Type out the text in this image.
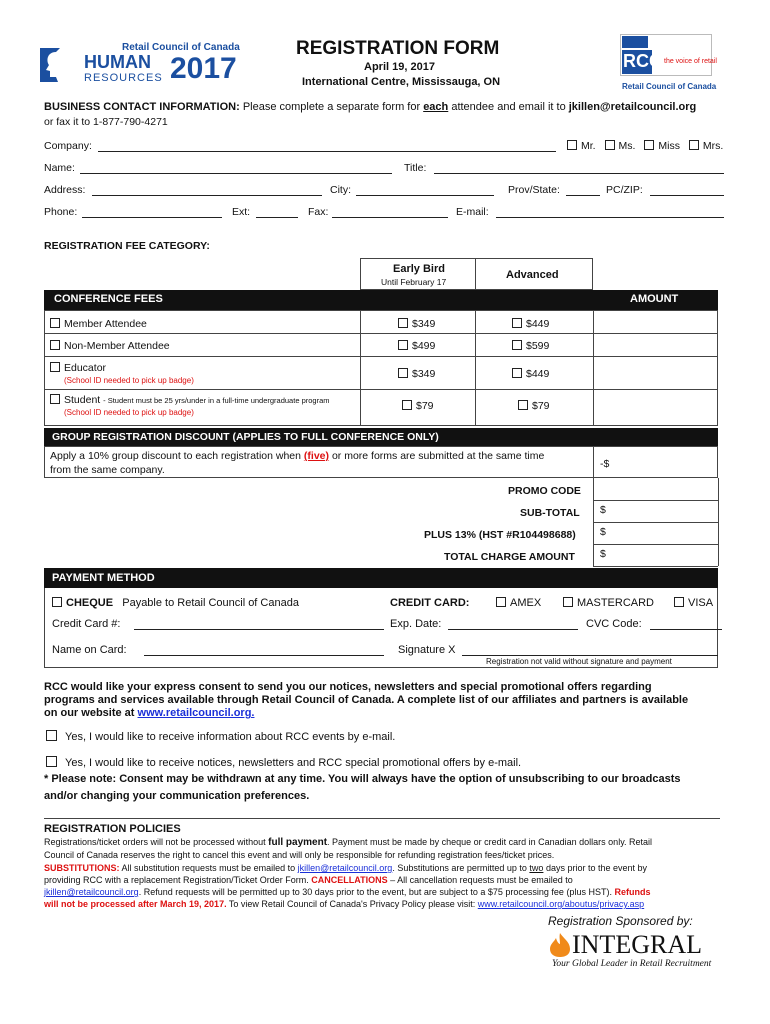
Retail Council of Canada
HUMAN
RESOURCES 2017
REGISTRATION FORM
April 19, 2017
International Centre, Mississauga, ON
RCC the voice of retail
Retail Council of Canada
BUSINESS CONTACT INFORMATION: Please complete a separate form for each attendee and email it to jkillen@retailcouncil.org
or fax it to 1-877-790-4271
Company:	Mr. Ms. Miss Mrs.
Name:	Title:
Address:	City:	Prov/State:	PC/ZIP:
Phone:	Ext:	Fax:	E-mail:
REGISTRATION FEE CATEGORY:
Early Bird
Until February 17
Advanced
CONFERENCE FEES	AMOUNT
Member Attendee	$349	$449
Non-Member Attendee	$499	$599
Educator
(School ID needed to pick up badge)
$349	$449
Student - Student must be 25 yrs/under in a full-time undergraduate program
(School ID needed to pick up badge)
$79	$79
GROUP REGISTRATION DISCOUNT (APPLIES TO FULL CONFERENCE ONLY)
Apply a 10% group discount to each registration when (five) or more forms are submitted at the same time
from the same company.	-$
PROMO CODE
SUB-TOTAL $
PLUS 13% (HST #R104498688) $
TOTAL CHARGE AMOUNT $
PAYMENT METHOD
CHEQUE Payable to Retail Council of Canada	CREDIT CARD:	AMEX	MASTERCARD	VISA
Credit Card #:	Exp. Date:	CVC Code:
Name on Card:	Signature X
Registration not valid without signature and payment
RCC would like your express consent to send you our notices, newsletters and special promotional offers regarding
programs and services available through Retail Council of Canada. A complete list of our affiliates and partners is available
on our website at www.retailcouncil.org.
Yes, I would like to receive information about RCC events by e-mail.
Yes, I would like to receive notices, newsletters and RCC special promotional offers by e-mail.
* Please note: Consent may be withdrawn at any time. You will always have the option of unsubscribing to our broadcasts
and/or changing your communication preferences.
REGISTRATION POLICIES
Registrations/ticket orders will not be processed without full payment. Payment must be made by cheque or credit card in Canadian dollars only. Retail
Council of Canada reserves the right to cancel this event and will only be responsible for refunding registration fees/ticket prices.
SUBSTITUTIONS: All substitution requests must be emailed to jkillen@retailcouncil.org. Substitutions are permitted up to two days prior to the event by
providing RCC with a replacement Registration/Ticket Order Form. CANCELLATIONS – All cancellation requests must be emailed to
jkillen@retailcouncil.org. Refund requests will be permitted up to 30 days prior to the event, but are subject to a $75 processing fee (plus HST). Refunds
will not be processed after March 19, 2017. To view Retail Council of Canada's Privacy Policy please visit: www.retailcouncil.org/aboutus/privacy.asp
Registration Sponsored by:
INTEGRAL
Your Global Leader in Retail Recruitment
